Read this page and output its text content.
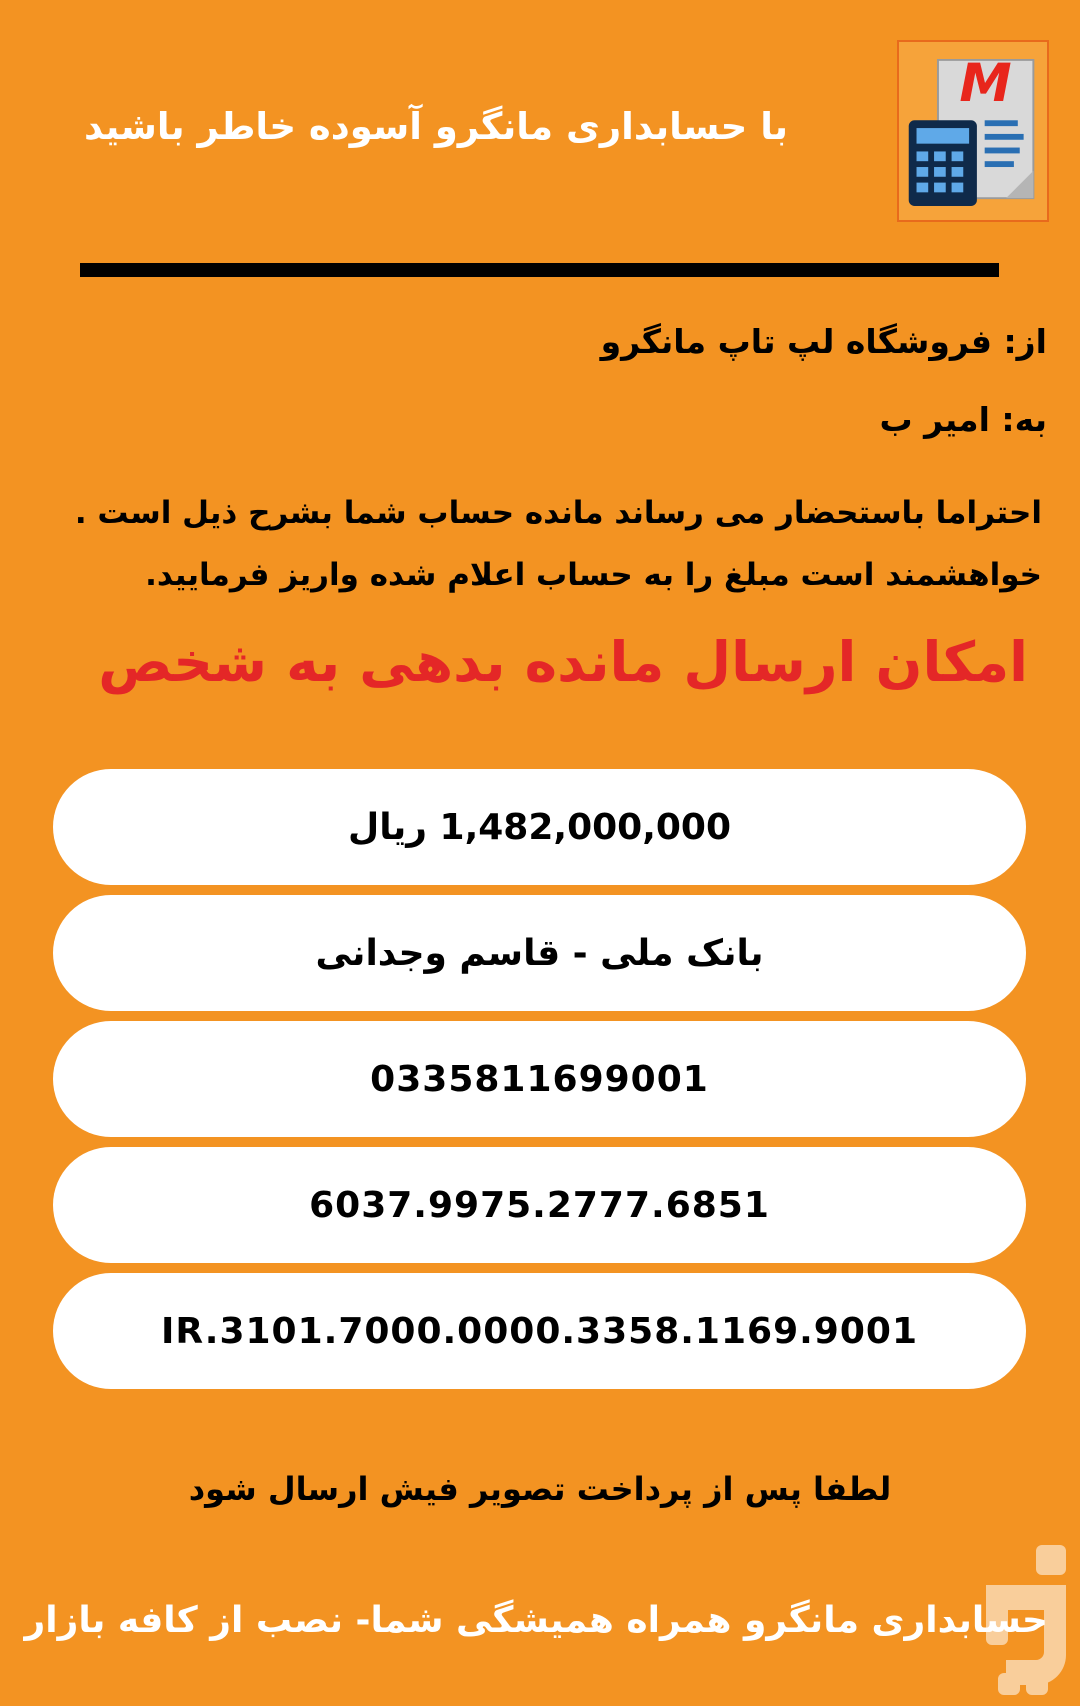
M
با حسابداری مانگرو آسوده خاطر باشید
از: فروشگاه لپ تاپ مانگرو
به: امیر ب
احتراما باستحضار می رساند مانده حساب شما بشرح ذیل است .
خواهشمند است مبلغ را به حساب اعلام شده واریز فرمایید.
امکان ارسال مانده بدهی به شخص
1,482,000,000 ریال
بانک ملی - قاسم وجدانی
0335811699001
6037.9975.2777.6851
IR.3101.7000.0000.3358.1169.9001
لطفا پس از پرداخت تصویر فیش ارسال شود
حسابداری مانگرو همراه همیشگی شما- نصب از کافه بازار
